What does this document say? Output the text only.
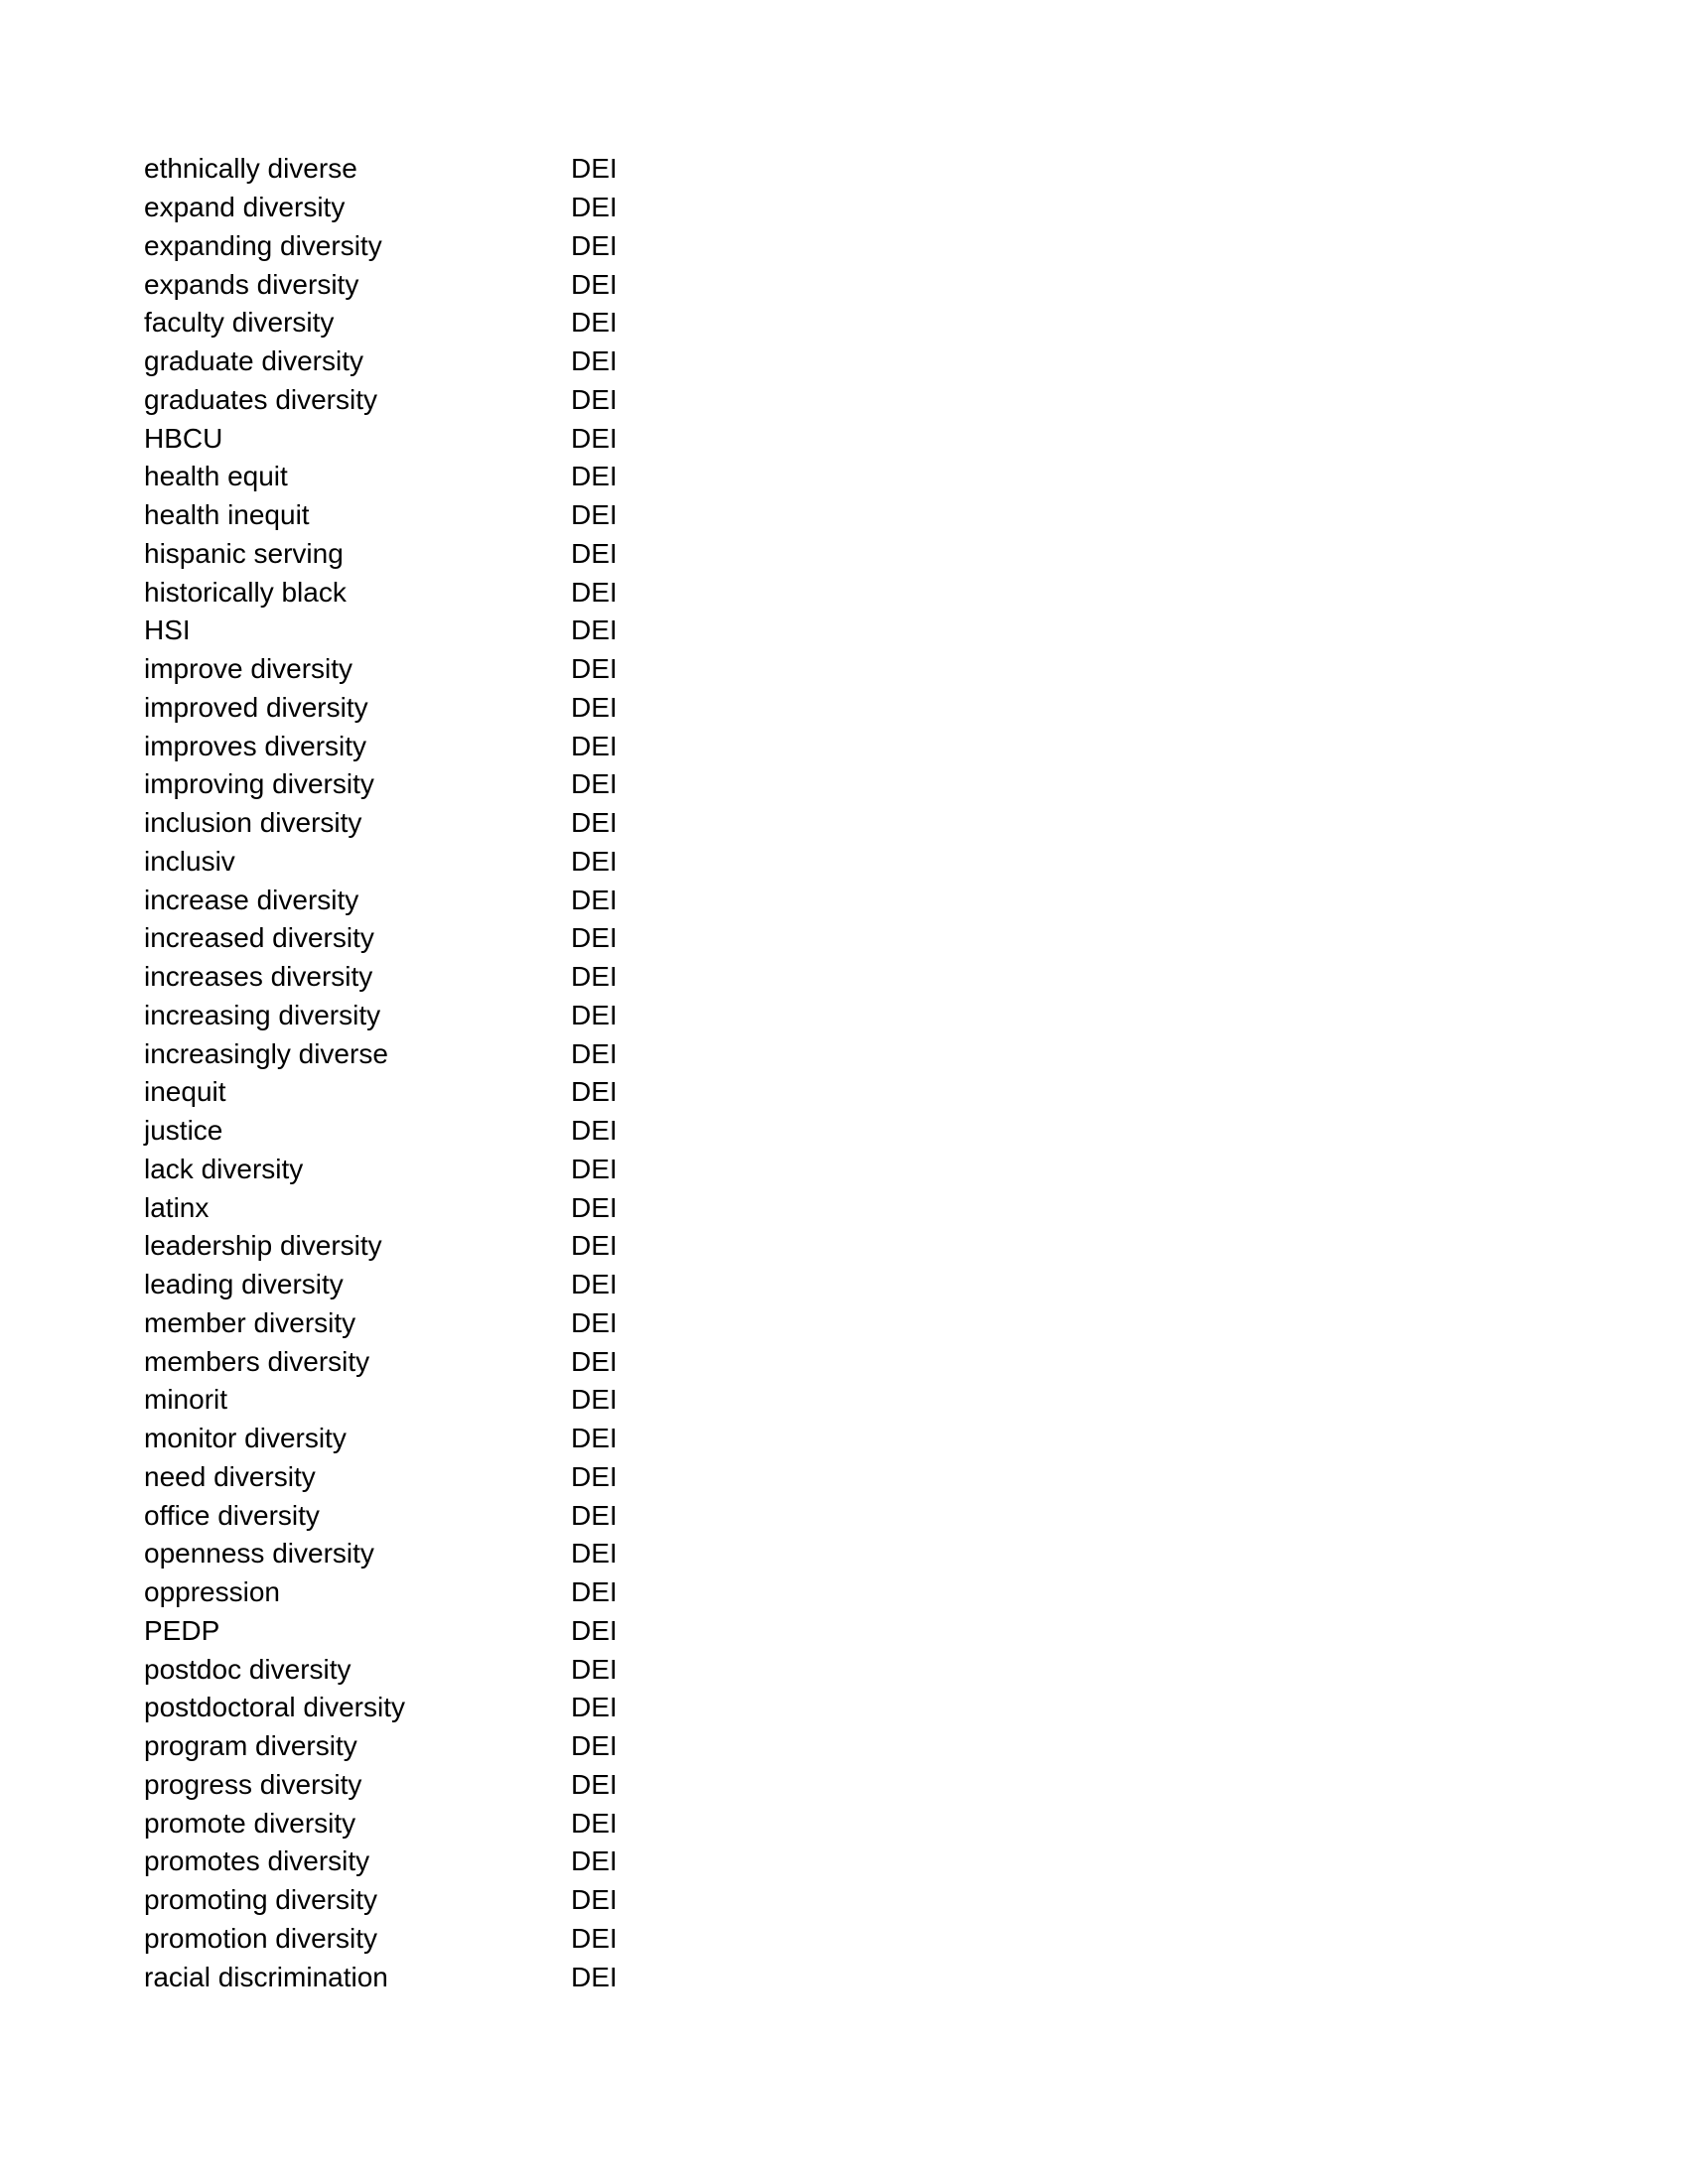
ethnically diverse	DEI
expand diversity	DEI
expanding diversity	DEI
expands diversity	DEI
faculty diversity	DEI
graduate diversity	DEI
graduates diversity	DEI
HBCU	DEI
health equit	DEI
health inequit	DEI
hispanic serving	DEI
historically black	DEI
HSI	DEI
improve diversity	DEI
improved diversity	DEI
improves diversity	DEI
improving diversity	DEI
inclusion diversity	DEI
inclusiv	DEI
increase diversity	DEI
increased diversity	DEI
increases diversity	DEI
increasing diversity	DEI
increasingly diverse	DEI
inequit	DEI
justice	DEI
lack diversity	DEI
latinx	DEI
leadership diversity	DEI
leading diversity	DEI
member diversity	DEI
members diversity	DEI
minorit	DEI
monitor diversity	DEI
need diversity	DEI
office diversity	DEI
openness diversity	DEI
oppression	DEI
PEDP	DEI
postdoc diversity	DEI
postdoctoral diversity	DEI
program diversity	DEI
progress diversity	DEI
promote diversity	DEI
promotes diversity	DEI
promoting diversity	DEI
promotion diversity	DEI
racial discrimination	DEI
